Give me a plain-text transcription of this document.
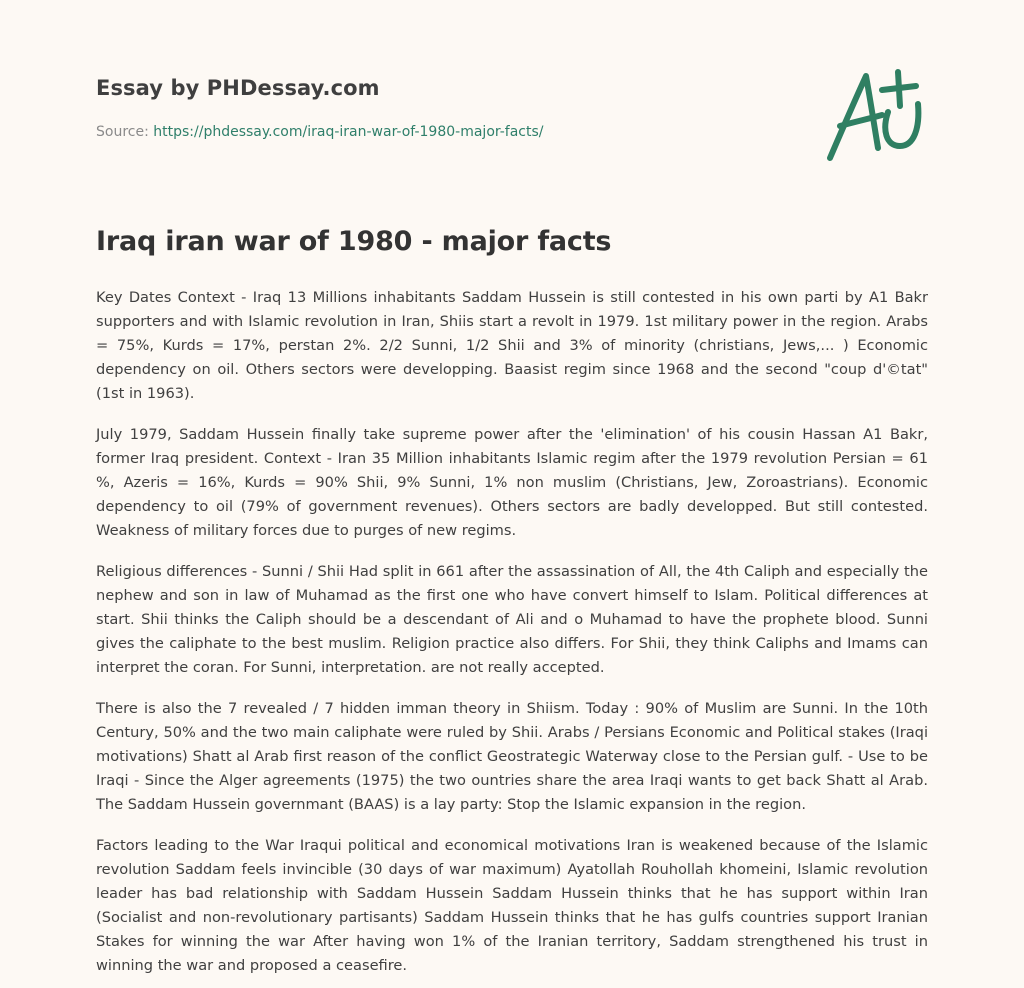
Essay by PHDessay.com
Source: https://phdessay.com/iraq-iran-war-of-1980-major-facts/
Iraq iran war of 1980 - major facts

Key Dates Context - Iraq 13 Millions inhabitants Saddam Hussein is still contested in his own parti by A1 Bakr supporters and with Islamic revolution in Iran, Shiis start a revolt in 1979. 1st military power in the region. Arabs = 75%, Kurds = 17%, perstan 2%. 2/2 Sunni, 1/2 Shii and 3% of minority (christians, Jews,... ) Economic dependency on oil. Others sectors were developping. Baasist regim since 1968 and the second "coup d'©tat" (1st in 1963).

July 1979, Saddam Hussein finally take supreme power after the 'elimination' of his cousin Hassan A1 Bakr, former Iraq president. Context - Iran 35 Million inhabitants Islamic regim after the 1979 revolution Persian = 61 %, Azeris = 16%, Kurds = 90% Shii, 9% Sunni, 1% non muslim (Christians, Jew, Zoroastrians). Economic dependency to oil (79% of government revenues). Others sectors are badly developped. But still contested. Weakness of military forces due to purges of new regims.

Religious differences - Sunni / Shii Had split in 661 after the assassination of All, the 4th Caliph and especially the nephew and son in law of Muhamad as the first one who have convert himself to Islam. Political differences at start. Shii thinks the Caliph should be a descendant of Ali and o Muhamad to have the prophete blood. Sunni gives the caliphate to the best muslim. Religion practice also differs. For Shii, they think Caliphs and Imams can interpret the coran. For Sunni, interpretation. are not really accepted.

There is also the 7 revealed / 7 hidden imman theory in Shiism. Today : 90% of Muslim are Sunni. In the 10th Century, 50% and the two main caliphate were ruled by Shii. Arabs / Persians Economic and Political stakes (Iraqi motivations) Shatt al Arab first reason of the conflict Geostrategic Waterway close to the Persian gulf. - Use to be Iraqi - Since the Alger agreements (1975) the two ountries share the area Iraqi wants to get back Shatt al Arab. The Saddam Hussein governmant (BAAS) is a lay party: Stop the Islamic expansion in the region.

Factors leading to the War Iraqui political and economical motivations Iran is weakened because of the Islamic revolution Saddam feels invincible (30 days of war maximum) Ayatollah Rouhollah khomeini, Islamic revolution leader has bad relationship with Saddam Hussein Saddam Hussein thinks that he has support within Iran (Socialist and non-revolutionary partisants) Saddam Hussein thinks that he has gulfs countries support Iranian Stakes for winning the war After having won 1% of the Iranian territory, Saddam strengthened his trust in winning the war and proposed a ceasefire.
